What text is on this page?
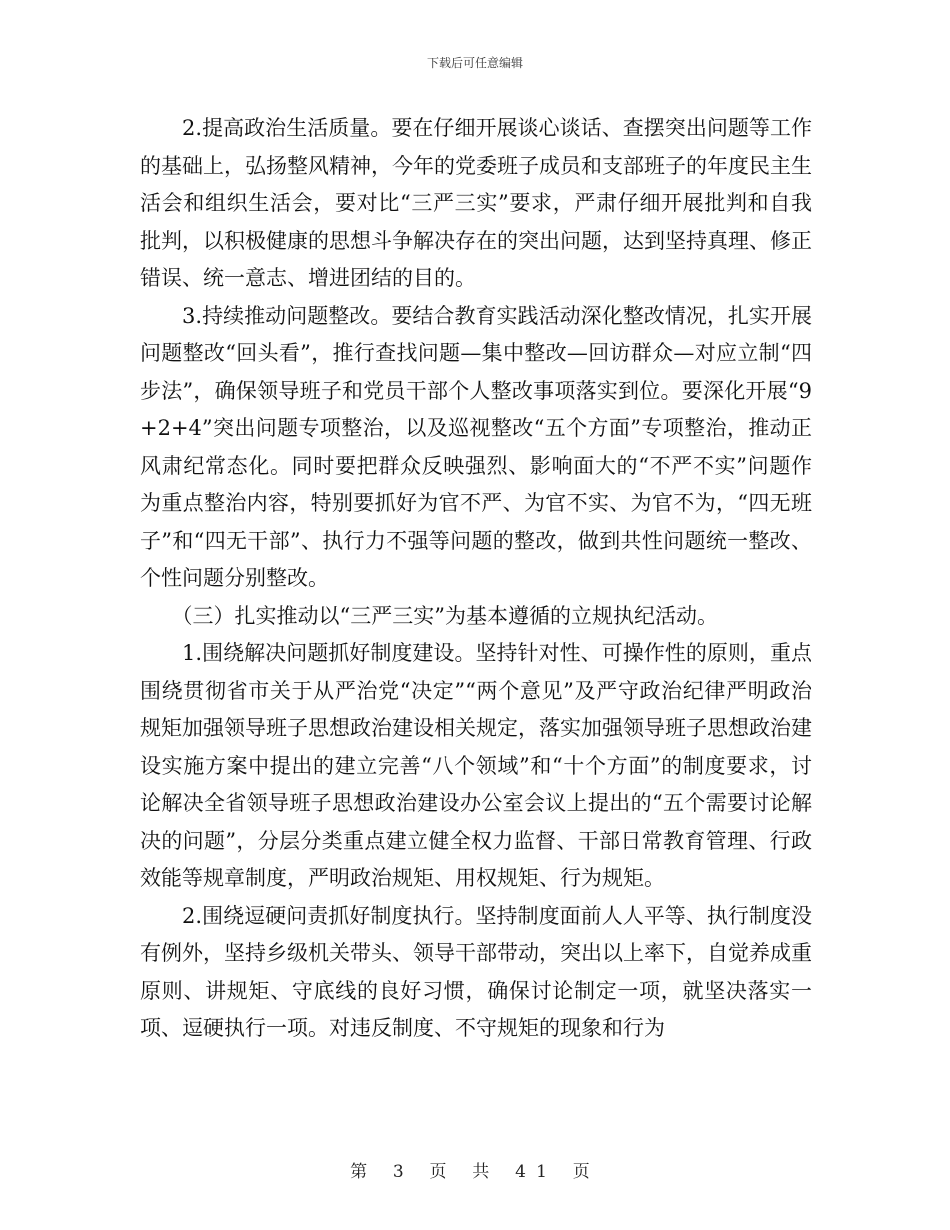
下载后可任意编辑

2.提高政治生活质量。要在仔细开展谈心谈话、查摆突出问题等工作的基础上，弘扬整风精神，今年的党委班子成员和支部班子的年度民主生活会和组织生活会，要对比“三严三实”要求，严肃仔细开展批判和自我批判，以积极健康的思想斗争解决存在的突出问题，达到坚持真理、修正错误、统一意志、增进团结的目的。

3.持续推动问题整改。要结合教育实践活动深化整改情况，扎实开展问题整改“回头看”，推行查找问题—集中整改—回访群众—对应立制“四步法”，确保领导班子和党员干部个人整改事项落实到位。要深化开展“9+2+4”突出问题专项整治，以及巡视整改“五个方面”专项整治，推动正风肃纪常态化。同时要把群众反映强烈、影响面大的“不严不实”问题作为重点整治内容，特别要抓好为官不严、为官不实、为官不为，“四无班子”和“四无干部”、执行力不强等问题的整改，做到共性问题统一整改、个性问题分别整改。

（三）扎实推动以“三严三实”为基本遵循的立规执纪活动。

1.围绕解决问题抓好制度建设。坚持针对性、可操作性的原则，重点围绕贯彻省市关于从严治党“决定”“两个意见”及严守政治纪律严明政治规矩加强领导班子思想政治建设相关规定，落实加强领导班子思想政治建设实施方案中提出的建立完善“八个领域”和“十个方面”的制度要求，讨论解决全省领导班子思想政治建设办公室会议上提出的“五个需要讨论解决的问题”，分层分类重点建立健全权力监督、干部日常教育管理、行政效能等规章制度，严明政治规矩、用权规矩、行为规矩。

2.围绕逗硬问责抓好制度执行。坚持制度面前人人平等、执行制度没有例外，坚持乡级机关带头、领导干部带动，突出以上率下，自觉养成重原则、讲规矩、守底线的良好习惯，确保讨论制定一项，就坚决落实一项、逗硬执行一项。对违反制度、不守规矩的现象和行为

第 3 页 共 41 页
